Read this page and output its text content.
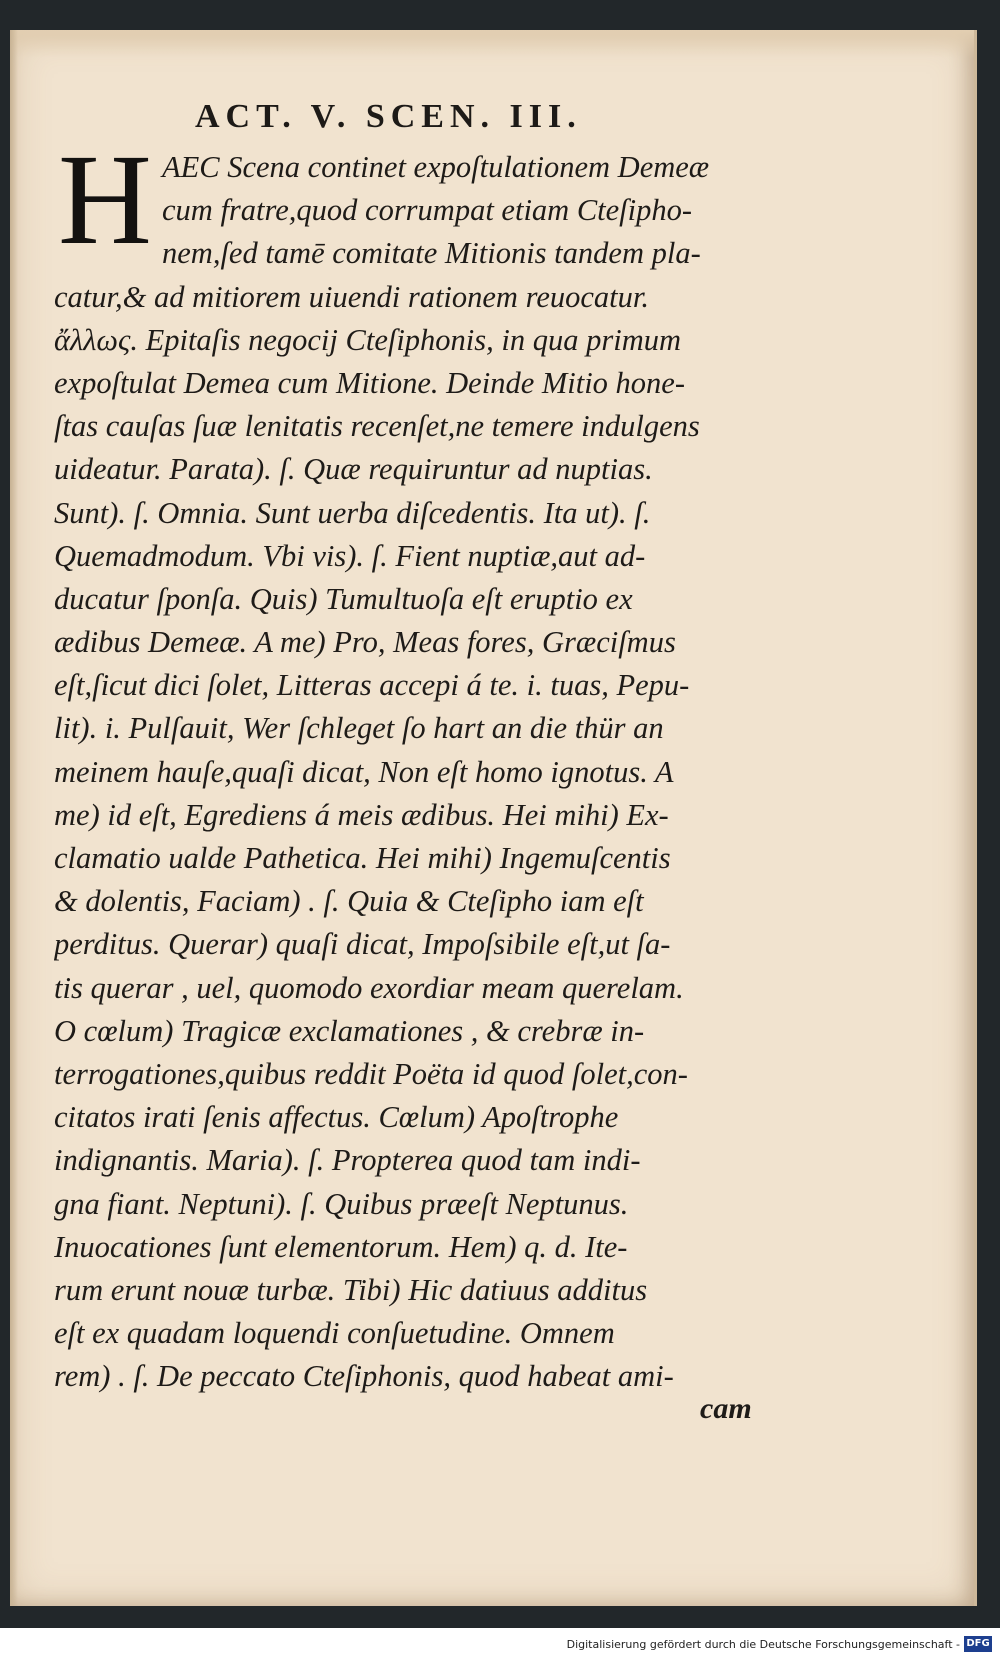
ACT. V. SCEN. III.
H AEC Scena continet expoſtulationem Demeæ
cum fratre,quod corrumpat etiam Cteſipho-
nem,ſed tamē comitate Mitionis tandem pla-
catur,& ad mitiorem uiuendi rationem reuocatur.
ἄλλως. Epitaſis negocij Cteſiphonis, in qua primum
expoſtulat Demea cum Mitione. Deinde Mitio hone-
ſtas cauſas ſuæ lenitatis recenſet,ne temere indulgens
uideatur. Parata). ſ. Quæ requiruntur ad nuptias.
Sunt). ſ. Omnia. Sunt uerba diſcedentis. Ita ut). ſ.
Quemadmodum. Vbi vis). ſ. Fient nuptiæ,aut ad-
ducatur ſponſa. Quis) Tumultuoſa eſt eruptio ex
ædibus Demeæ. A me) Pro, Meas fores, Græciſmus
eſt,ſicut dici ſolet, Litteras accepi á te. i. tuas, Pepu-
lit). i. Pulſauit, Wer ſchleget ſo hart an die thür an
meinem hauſe,quaſi dicat, Non eſt homo ignotus. A
me) id eſt, Egrediens á meis ædibus. Hei mihi) Ex-
clamatio ualde Pathetica. Hei mihi) Ingemuſcentis
& dolentis, Faciam) . ſ. Quia & Cteſipho iam eſt
perditus. Querar) quaſi dicat, Impoſsibile eſt,ut ſa-
tis querar , uel, quomodo exordiar meam querelam.
O cœlum) Tragicæ exclamationes , & crebræ in-
terrogationes,quibus reddit Poëta id quod ſolet,con-
citatos irati ſenis affectus. Cœlum) Apoſtrophe
indignantis. Maria). ſ. Propterea quod tam indi-
gna fiant. Neptuni). ſ. Quibus præeſt Neptunus.
Inuocationes ſunt elementorum. Hem) q. d. Ite-
rum erunt nouæ turbæ. Tibi) Hic datiuus additus
eſt ex quadam loquendi conſuetudine. Omnem
rem) . ſ. De peccato Cteſiphonis, quod habeat ami-
cam
Digitalisierung gefördert durch die Deutsche Forschungsgemeinschaft - DFG
